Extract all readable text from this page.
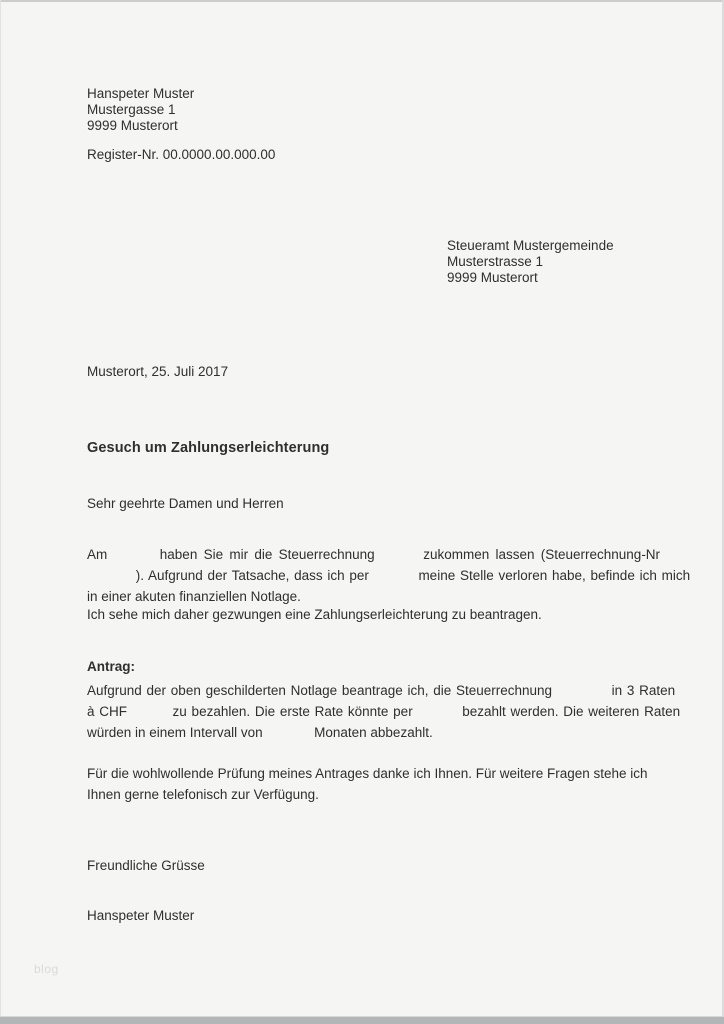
Hanspeter Muster
Mustergasse 1
9999 Musterort
Register-Nr. 00.0000.00.000.00
Steueramt Mustergemeinde
Musterstrasse 1
9999 Musterort
Musterort, 25. Juli 2017
Gesuch um Zahlungserleichterung
Sehr geehrte Damen und Herren
Am	haben Sie mir die Steuerrechnung	zukommen lassen (Steuerrechnung-Nr
). Aufgrund der Tatsache, dass ich per	meine Stelle verloren habe, befinde ich mich
in einer akuten finanziellen Notlage.
Ich sehe mich daher gezwungen eine Zahlungserleichterung zu beantragen.
Antrag:
Aufgrund der oben geschilderten Notlage beantrage ich, die Steuerrechnung	in 3 Raten
à CHF	zu bezahlen. Die erste Rate könnte per	bezahlt werden. Die weiteren Raten
würden in einem Intervall von	Monaten abbezahlt.
Für die wohlwollende Prüfung meines Antrages danke ich Ihnen. Für weitere Fragen stehe ich
Ihnen gerne telefonisch zur Verfügung.
Freundliche Grüsse
Hanspeter Muster
blog
